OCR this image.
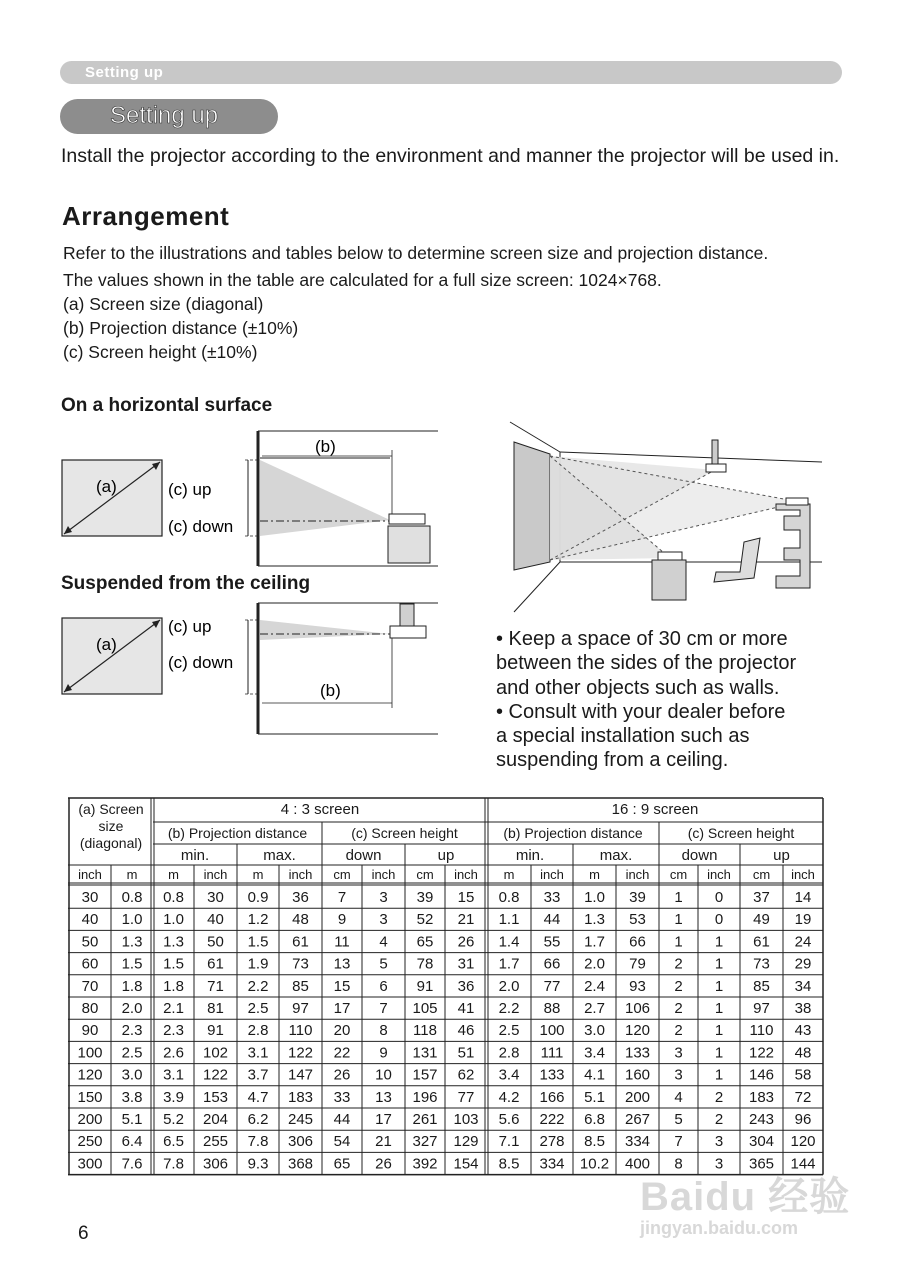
Setting up
Setting up
Install the projector according to the environment and manner the projector will be used in.
Arrangement
Refer to the illustrations and tables below to determine screen size and projection distance.
The values shown in the table are calculated for a full size screen: 1024×768.
(a) Screen size (diagonal)
(b) Projection distance (±10%)
(c) Screen height (±10%)
On a horizontal surface
(a)	(c) up
(c) down
(b)
Suspended from the ceiling
(a)
(c) up
(c) down
(b)
• Keep a space of 30 cm or more
between the sides of the projector
and other objects such as walls.
• Consult with your dealer before
a special installation such as
suspending from a ceiling.
(a) Screen
size
(diagonal)
4 : 3 screen	16 : 9 screen
(b) Projection distance	(c) Screen height	(b) Projection distance	(c) Screen height
min.	max.	down	up	min.	max.	down	up
inch m m inch m inch cm inch cm inch m inch m inch cm inch cm inch
30 0.8 0.8 30 0.9 36 7 3 39 15 0.8 33 1.0 39 1 0 37 14
40 1.0 1.0 40 1.2 48 9 3 52 21 1.1 44 1.3 53 1 0 49 19
50 1.3 1.3 50 1.5 61 11 4 65 26 1.4 55 1.7 66 1 1 61 24
60 1.5 1.5 61 1.9 73 13 5 78 31 1.7 66 2.0 79 2 1 73 29
70 1.8 1.8 71 2.2 85 15 6 91 36 2.0 77 2.4 93 2 1 85 34
80 2.0 2.1 81 2.5 97 17 7 105 41 2.2 88 2.7 106 2 1 97 38
90 2.3 2.3 91 2.8 110 20 8 118 46 2.5 100 3.0 120 2 1 110 43
100 2.5 2.6 102 3.1 122 22 9 131 51 2.8 111 3.4 133 3 1 122 48
120 3.0 3.1 122 3.7 147 26 10 157 62 3.4 133 4.1 160 3 1 146 58
150 3.8 3.9 153 4.7 183 33 13 196 77 4.2 166 5.1 200 4 2 183 72
200 5.1 5.2 204 6.2 245 44 17 261 103 5.6 222 6.8 267 5 2 243 96
250 6.4 6.5 255 7.8 306 54 21 327 129 7.1 278 8.5 334 7 3 304 120
300 7.6 7.8 306 9.3 368 65 26 392 154 8.5 334 10.2 400 8 3 365 144
6
Baidu 经验
jingyan.baidu.com
